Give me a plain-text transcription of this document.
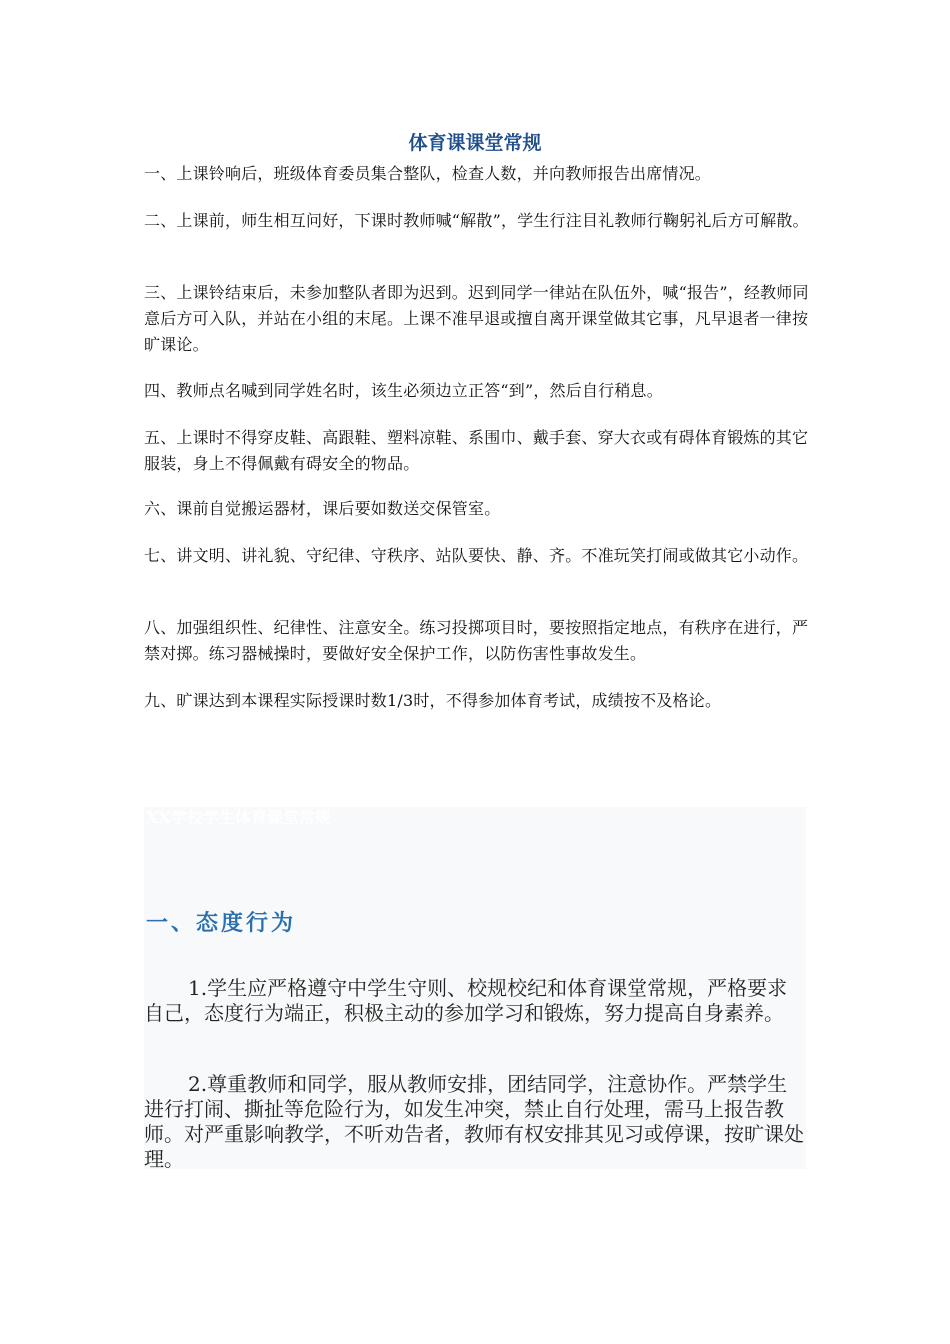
体育课课堂常规

一、上课铃响后，班级体育委员集合整队，检查人数，并向教师报告出席情况。

二、上课前，师生相互问好，下课时教师喊“解散”，学生行注目礼教师行鞠躬礼后方可解散。

三、上课铃结束后，未参加整队者即为迟到。迟到同学一律站在队伍外，喊“报告”，经教师同意后方可入队，并站在小组的末尾。上课不准早退或擅自离开课堂做其它事，凡早退者一律按旷课论。

四、教师点名喊到同学姓名时，该生必须边立正答“到”，然后自行稍息。

五、上课时不得穿皮鞋、高跟鞋、塑料凉鞋、系围巾、戴手套、穿大衣或有碍体育锻炼的其它服装，身上不得佩戴有碍安全的物品。

六、课前自觉搬运器材，课后要如数送交保管室。

七、讲文明、讲礼貌、守纪律、守秩序、站队要快、静、齐。不准玩笑打闹或做其它小动作。

八、加强组织性、纪律性、注意安全。练习投掷项目时，要按照指定地点，有秩序在进行，严禁对掷。练习器械操时，要做好安全保护工作，以防伤害性事故发生。

九、旷课达到本课程实际授课时数1/3时，不得参加体育考试，成绩按不及格论。

XX学校学生体育课堂常规
一、态度行为

1.学生应严格遵守中学生守则、校规校纪和体育课堂常规，严格要求自己，态度行为端正，积极主动的参加学习和锻炼，努力提高自身素养。

2.尊重教师和同学，服从教师安排，团结同学，注意协作。严禁学生进行打闹、撕扯等危险行为，如发生冲突，禁止自行处理，需马上报告教师。对严重影响教学，不听劝告者，教师有权安排其见习或停课，按旷课处理。
